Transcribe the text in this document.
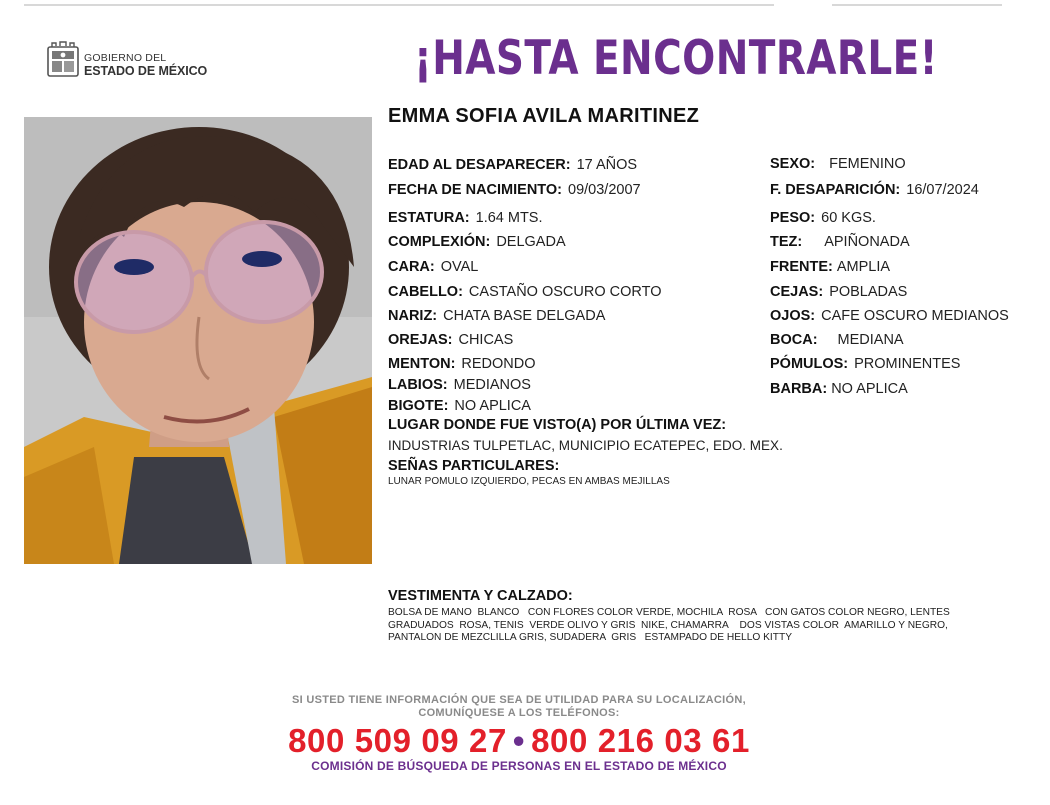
GOBIERNO DEL
ESTADO DE MÉXICO	¡HASTA ENCONTRARLE!
EMMA SOFIA AVILA MARITINEZ
EDAD AL DESAPARECER: 17 AÑOS
FECHA DE NACIMIENTO: 09/03/2007
ESTATURA: 1.64 MTS.
COMPLEXIÓN: DELGADA
CARA: OVAL
CABELLO: CASTAÑO OSCURO CORTO
NARIZ: CHATA BASE DELGADA
OREJAS: CHICAS
MENTON: REDONDO
LABIOS: MEDIANOS
BIGOTE: NO APLICA
SEXO: FEMENINO
F. DESAPARICIÓN: 16/07/2024
PESO: 60 KGS.
TEZ: APIÑONADA
FRENTE: AMPLIA
CEJAS: POBLADAS
OJOS: CAFE OSCURO MEDIANOS
BOCA: MEDIANA
PÓMULOS: PROMINENTES
BARBA: NO APLICA
LUGAR DONDE FUE VISTO(A) POR ÚLTIMA VEZ:
INDUSTRIAS TULPETLAC, MUNICIPIO ECATEPEC, EDO. MEX.
SEÑAS PARTICULARES:
LUNAR POMULO IZQUIERDO, PECAS EN AMBAS MEJILLAS
VESTIMENTA Y CALZADO:
BOLSA DE MANO  BLANCO   CON FLORES COLOR VERDE, MOCHILA  ROSA   CON GATOS COLOR NEGRO, LENTES
GRADUADOS  ROSA, TENIS  VERDE OLIVO Y GRIS  NIKE, CHAMARRA    DOS VISTAS COLOR  AMARILLO Y NEGRO,
PANTALON DE MEZCLILLA GRIS, SUDADERA  GRIS   ESTAMPADO DE HELLO KITTY
SI USTED TIENE INFORMACIÓN QUE SEA DE UTILIDAD PARA SU LOCALIZACIÓN,
COMUNÍQUESE A LOS TELÉFONOS:
800 509 09 27 • 800 216 03 61
COMISIÓN DE BÚSQUEDA DE PERSONAS EN EL ESTADO DE MÉXICO
